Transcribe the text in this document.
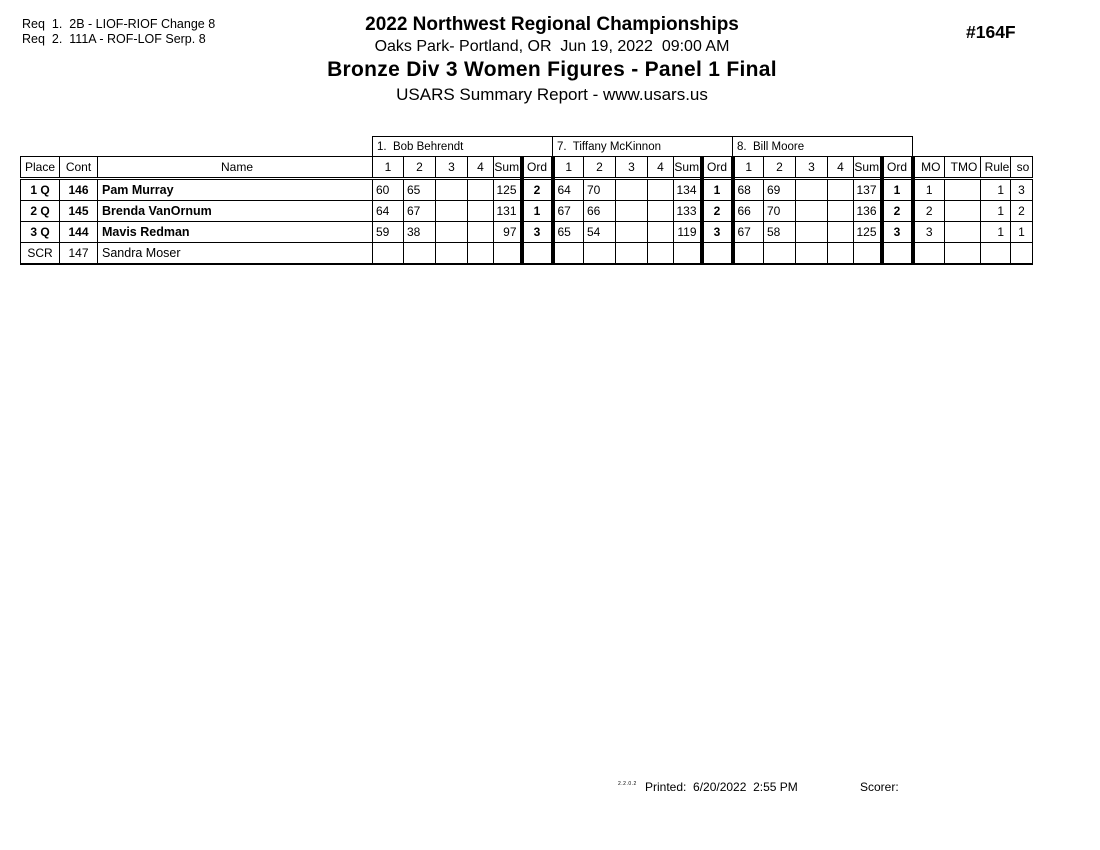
Req  1. 2B - LIOF-RIOF Change 8
Req  2. 111A - ROF-LOF Serp. 8
2022 Northwest Regional Championships
Oaks Park- Portland, OR  Jun 19, 2022  09:00 AM
Bronze Div 3 Women Figures - Panel 1 Final
USARS Summary Report - www.usars.us
#164F
			1.  Bob Behrendt						7.  Tiffany McKinnon						8.  Bill Moore									
Place	Cont	Name	1	2	3	4	Sum	Ord	1	2	3	4	Sum	Ord	1	2	3	4	Sum	Ord	MO	TMO	Rule	so
1 Q	146	Pam Murray	60	65			125	2	64	70			134	1	68	69			137	1	1		1	3
2 Q	145	Brenda VanOrnum	64	67			131	1	67	66			133	2	66	70			136	2	2		1	2
3 Q	144	Mavis Redman	59	38			97	3	65	54			119	3	67	58			125	3	3		1	1
SCR	147	Sandra Moser																						
2.2.0.2 Printed:  6/20/2022  2:55 PM	Scorer:
